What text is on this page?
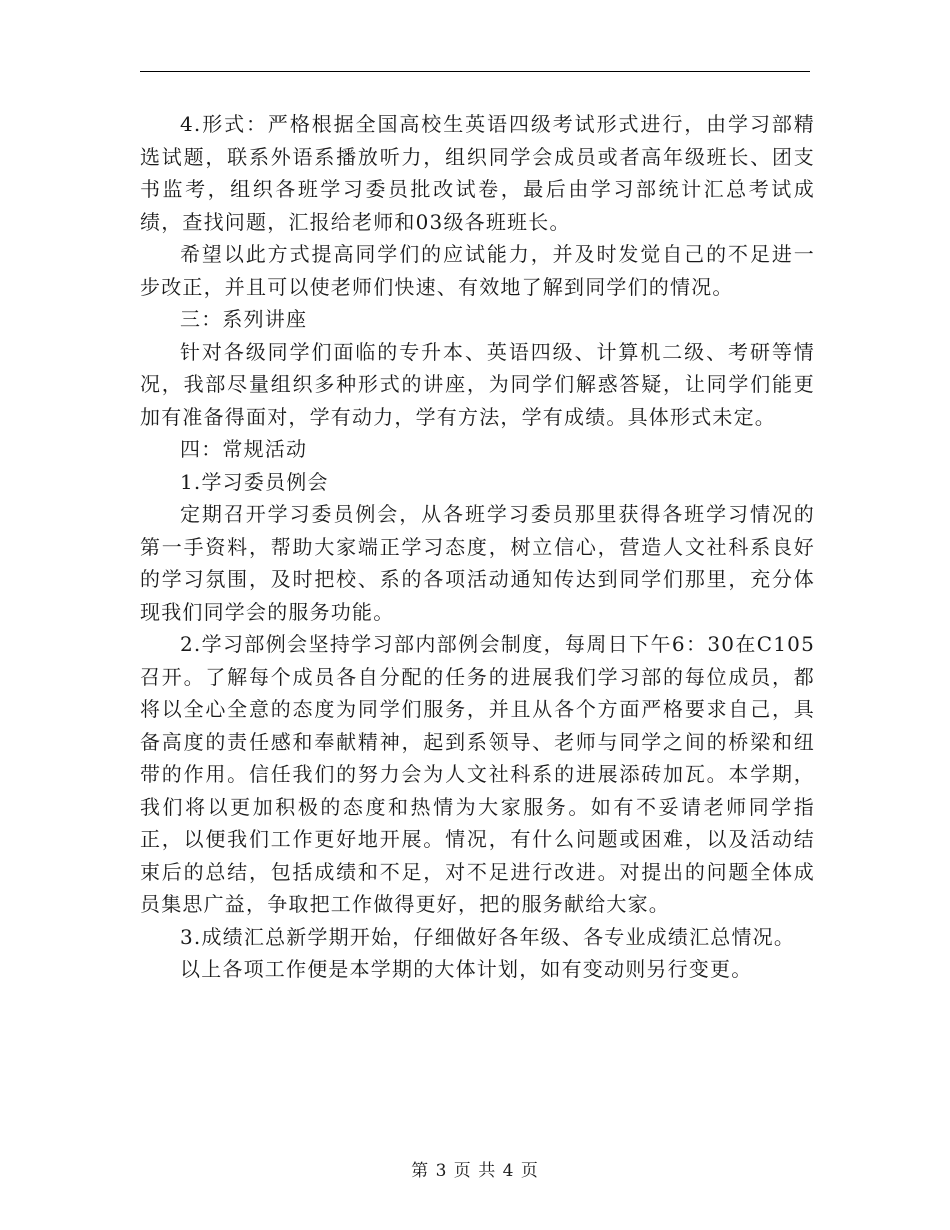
4.形式：严格根据全国高校生英语四级考试形式进行，由学习部精选试题，联系外语系播放听力，组织同学会成员或者高年级班长、团支书监考，组织各班学习委员批改试卷，最后由学习部统计汇总考试成绩，查找问题，汇报给老师和03级各班班长。

希望以此方式提高同学们的应试能力，并及时发觉自己的不足进一步改正，并且可以使老师们快速、有效地了解到同学们的情况。

三：系列讲座

针对各级同学们面临的专升本、英语四级、计算机二级、考研等情况，我部尽量组织多种形式的讲座，为同学们解惑答疑，让同学们能更加有准备得面对，学有动力，学有方法，学有成绩。具体形式未定。

四：常规活动

1.学习委员例会

定期召开学习委员例会，从各班学习委员那里获得各班学习情况的第一手资料，帮助大家端正学习态度，树立信心，营造人文社科系良好的学习氛围，及时把校、系的各项活动通知传达到同学们那里，充分体现我们同学会的服务功能。

2.学习部例会坚持学习部内部例会制度，每周日下午6：30在C105召开。了解每个成员各自分配的任务的进展我们学习部的每位成员，都将以全心全意的态度为同学们服务，并且从各个方面严格要求自己，具备高度的责任感和奉献精神，起到系领导、老师与同学之间的桥梁和纽带的作用。信任我们的努力会为人文社科系的进展添砖加瓦。本学期，我们将以更加积极的态度和热情为大家服务。如有不妥请老师同学指正，以便我们工作更好地开展。情况，有什么问题或困难，以及活动结束后的总结，包括成绩和不足，对不足进行改进。对提出的问题全体成员集思广益，争取把工作做得更好，把的服务献给大家。

3.成绩汇总新学期开始，仔细做好各年级、各专业成绩汇总情况。

以上各项工作便是本学期的大体计划，如有变动则另行变更。

第 3 页 共 4 页
